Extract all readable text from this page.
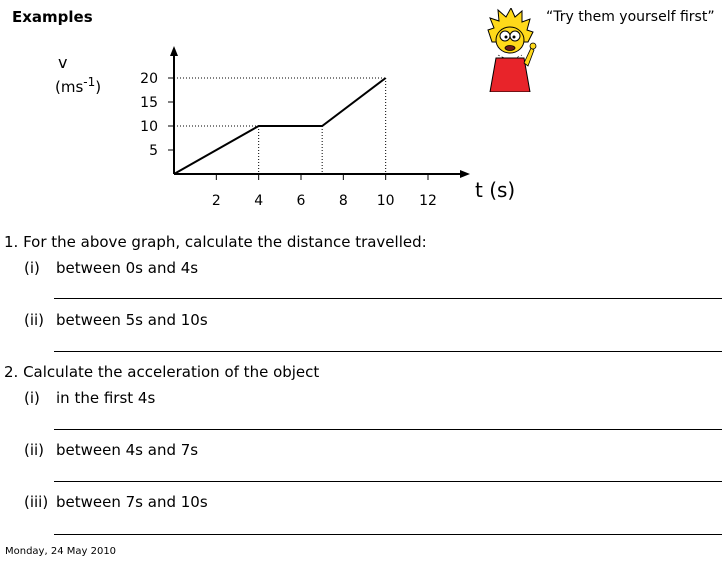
Examples	“Try them yourself first”
5
10
15
20
2 4 6 8 10 12
v
$(ms^{-1})$
t (s)
1. For the above graph, calculate the distance travelled:
(i) between 0s and 4s
(ii) between 5s and 10s
2. Calculate the acceleration of the object
(i) in the first 4s
(ii) between 4s and 7s
(iii) between 7s and 10s
Monday, 24 May 2010
